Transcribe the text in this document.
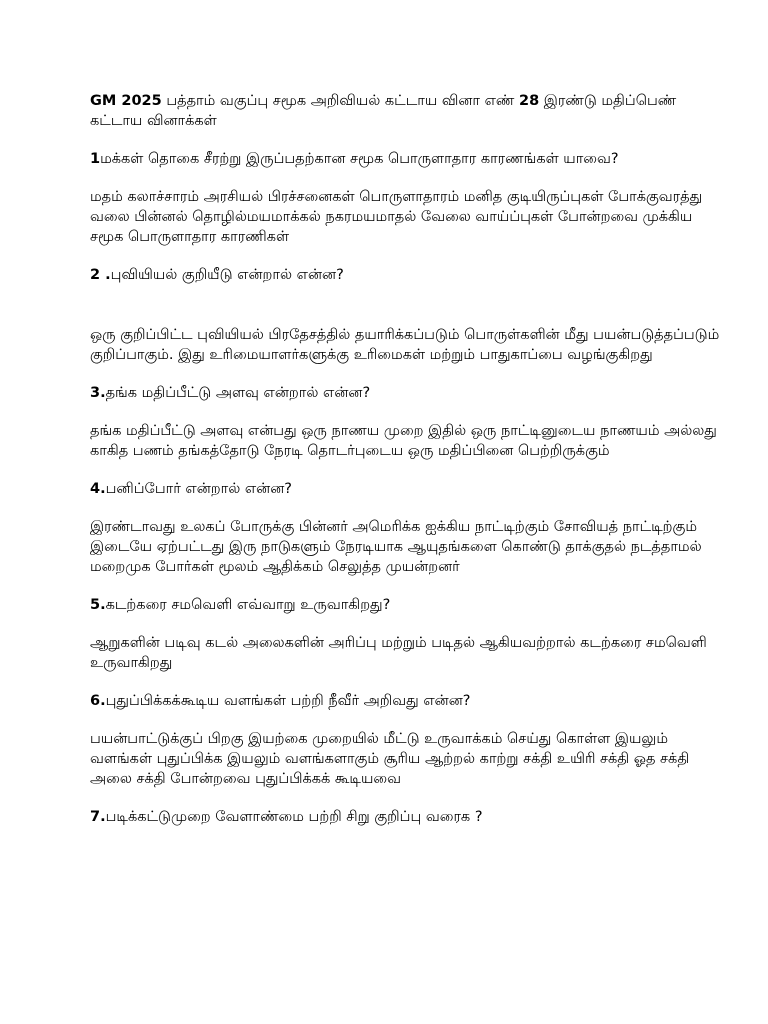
GM 2025 பத்தாம் வகுப்பு சமூக அறிவியல் கட்டாய வினா எண் 28 இரண்டு மதிப்பெண் கட்டாய வினாக்கள்

1மக்கள் தொகை சீரற்று இருப்பதற்கான சமூக பொருளாதார காரணங்கள் யாவை?

மதம் கலாச்சாரம் அரசியல் பிரச்சனைகள் பொருளாதாரம் மனித குடியிருப்புகள் போக்குவரத்து வலை பின்னல் தொழில்மயமாக்கல் நகரமயமாதல் வேலை வாய்ப்புகள் போன்றவை முக்கிய சமூக பொருளாதார காரணிகள்

2 .புவியியல் குறியீடு என்றால் என்ன?

ஒரு குறிப்பிட்ட புவியியல் பிரதேசத்தில் தயாரிக்கப்படும் பொருள்களின் மீது பயன்படுத்தப்படும் குறிப்பாகும். இது உரிமையாளர்களுக்கு உரிமைகள் மற்றும் பாதுகாப்பை வழங்குகிறது

3.தங்க மதிப்பீட்டு அளவு என்றால் என்ன?

தங்க மதிப்பீட்டு அளவு என்பது ஒரு நாணய முறை இதில் ஒரு நாட்டினுடைய நாணயம் அல்லது காகித பணம் தங்கத்தோடு நேரடி தொடர்புடைய ஒரு மதிப்பினை பெற்றிருக்கும்

4.பனிப்போர் என்றால் என்ன?

இரண்டாவது உலகப் போருக்கு பின்னர் அமெரிக்க ஐக்கிய நாட்டிற்கும் சோவியத் நாட்டிற்கும் இடையே ஏற்பட்டது இரு நாடுகளும் நேரடியாக ஆயுதங்களை கொண்டு தாக்குதல் நடத்தாமல் மறைமுக போர்கள் மூலம் ஆதிக்கம் செலுத்த முயன்றனர்

5.கடற்கரை சமவெளி எவ்வாறு உருவாகிறது?

ஆறுகளின் படிவு கடல் அலைகளின் அரிப்பு மற்றும் படிதல் ஆகியவற்றால் கடற்கரை சமவெளி உருவாகிறது

6.புதுப்பிக்கக்கூடிய வளங்கள் பற்றி நீவீர் அறிவது என்ன?

பயன்பாட்டுக்குப் பிறகு இயற்கை முறையில் மீட்டு உருவாக்கம் செய்து கொள்ள இயலும் வளங்கள் புதுப்பிக்க இயலும் வளங்களாகும் சூரிய ஆற்றல் காற்று சக்தி உயிரி சக்தி ஓத சக்தி அலை சக்தி போன்றவை புதுப்பிக்கக் கூடியவை

7.படிக்கட்டுமுறை வேளாண்மை பற்றி சிறு குறிப்பு வரைக ?
